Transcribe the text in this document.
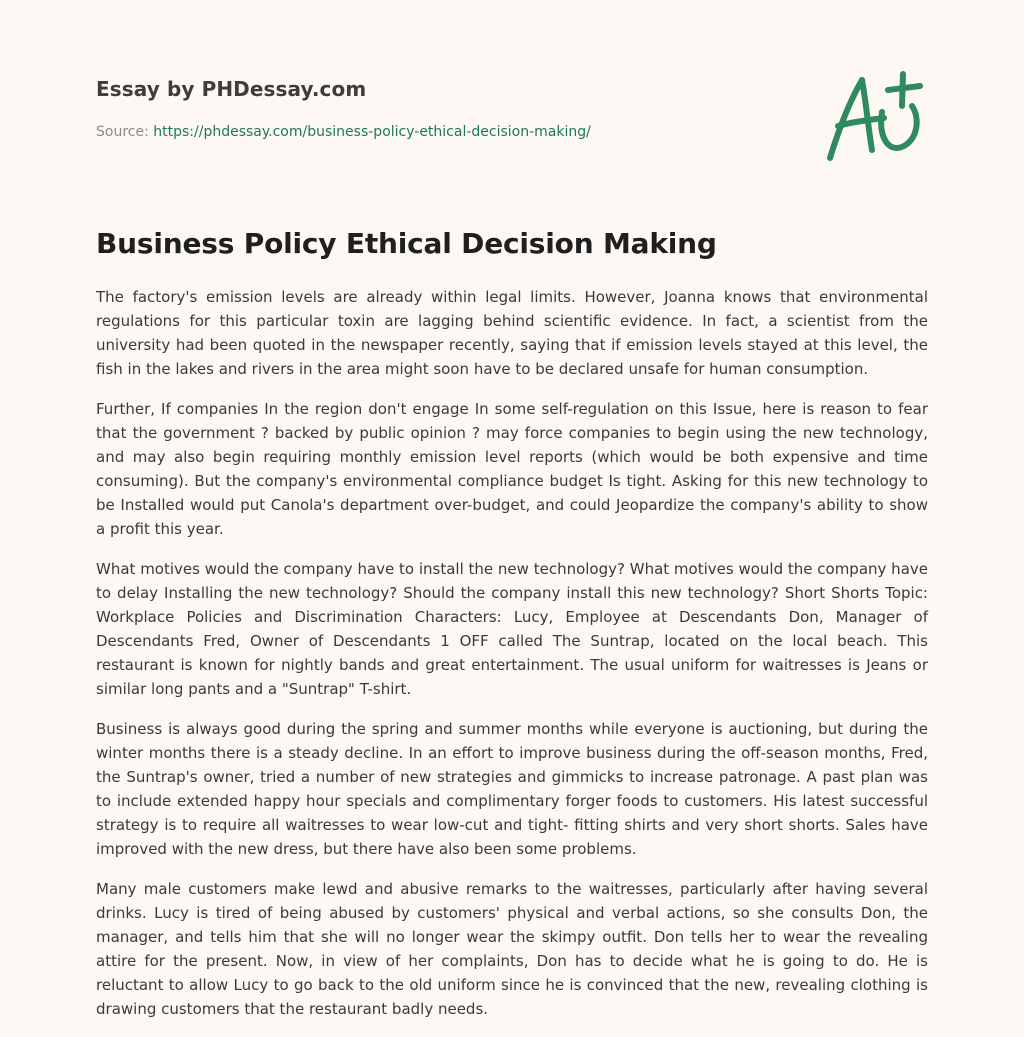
Essay by PHDessay.com
Source: https://phdessay.com/business-policy-ethical-decision-making/
Business Policy Ethical Decision Making

The factory's emission levels are already within legal limits. However, Joanna knows that environmental regulations for this particular toxin are lagging behind scientific evidence. In fact, a scientist from the university had been quoted in the newspaper recently, saying that if emission levels stayed at this level, the fish in the lakes and rivers in the area might soon have to be declared unsafe for human consumption.

Further, If companies In the region don't engage In some self-regulation on this Issue, here is reason to fear that the government ? backed by public opinion ? may force companies to begin using the new technology, and may also begin requiring monthly emission level reports (which would be both expensive and time consuming). But the company's environmental compliance budget Is tight. Asking for this new technology to be Installed would put Canola's department over-budget, and could Jeopardize the company's ability to show a profit this year.

What motives would the company have to install the new technology? What motives would the company have to delay Installing the new technology? Should the company install this new technology? Short Shorts Topic: Workplace Policies and Discrimination Characters: Lucy, Employee at Descendants Don, Manager of Descendants Fred, Owner of Descendants 1 OFF called The Suntrap, located on the local beach. This restaurant is known for nightly bands and great entertainment. The usual uniform for waitresses is Jeans or similar long pants and a "Suntrap" T-shirt.

Business is always good during the spring and summer months while everyone is auctioning, but during the winter months there is a steady decline. In an effort to improve business during the off-season months, Fred, the Suntrap's owner, tried a number of new strategies and gimmicks to increase patronage. A past plan was to include extended happy hour specials and complimentary forger foods to customers. His latest successful strategy is to require all waitresses to wear low-cut and tight- fitting shirts and very short shorts. Sales have improved with the new dress, but there have also been some problems.

Many male customers make lewd and abusive remarks to the waitresses, particularly after having several drinks. Lucy is tired of being abused by customers' physical and verbal actions, so she consults Don, the manager, and tells him that she will no longer wear the skimpy outfit. Don tells her to wear the revealing attire for the present. Now, in view of her complaints, Don has to decide what he is going to do. He is reluctant to allow Lucy to go back to the old uniform since he is convinced that the new, revealing clothing is drawing customers that the restaurant badly needs.
